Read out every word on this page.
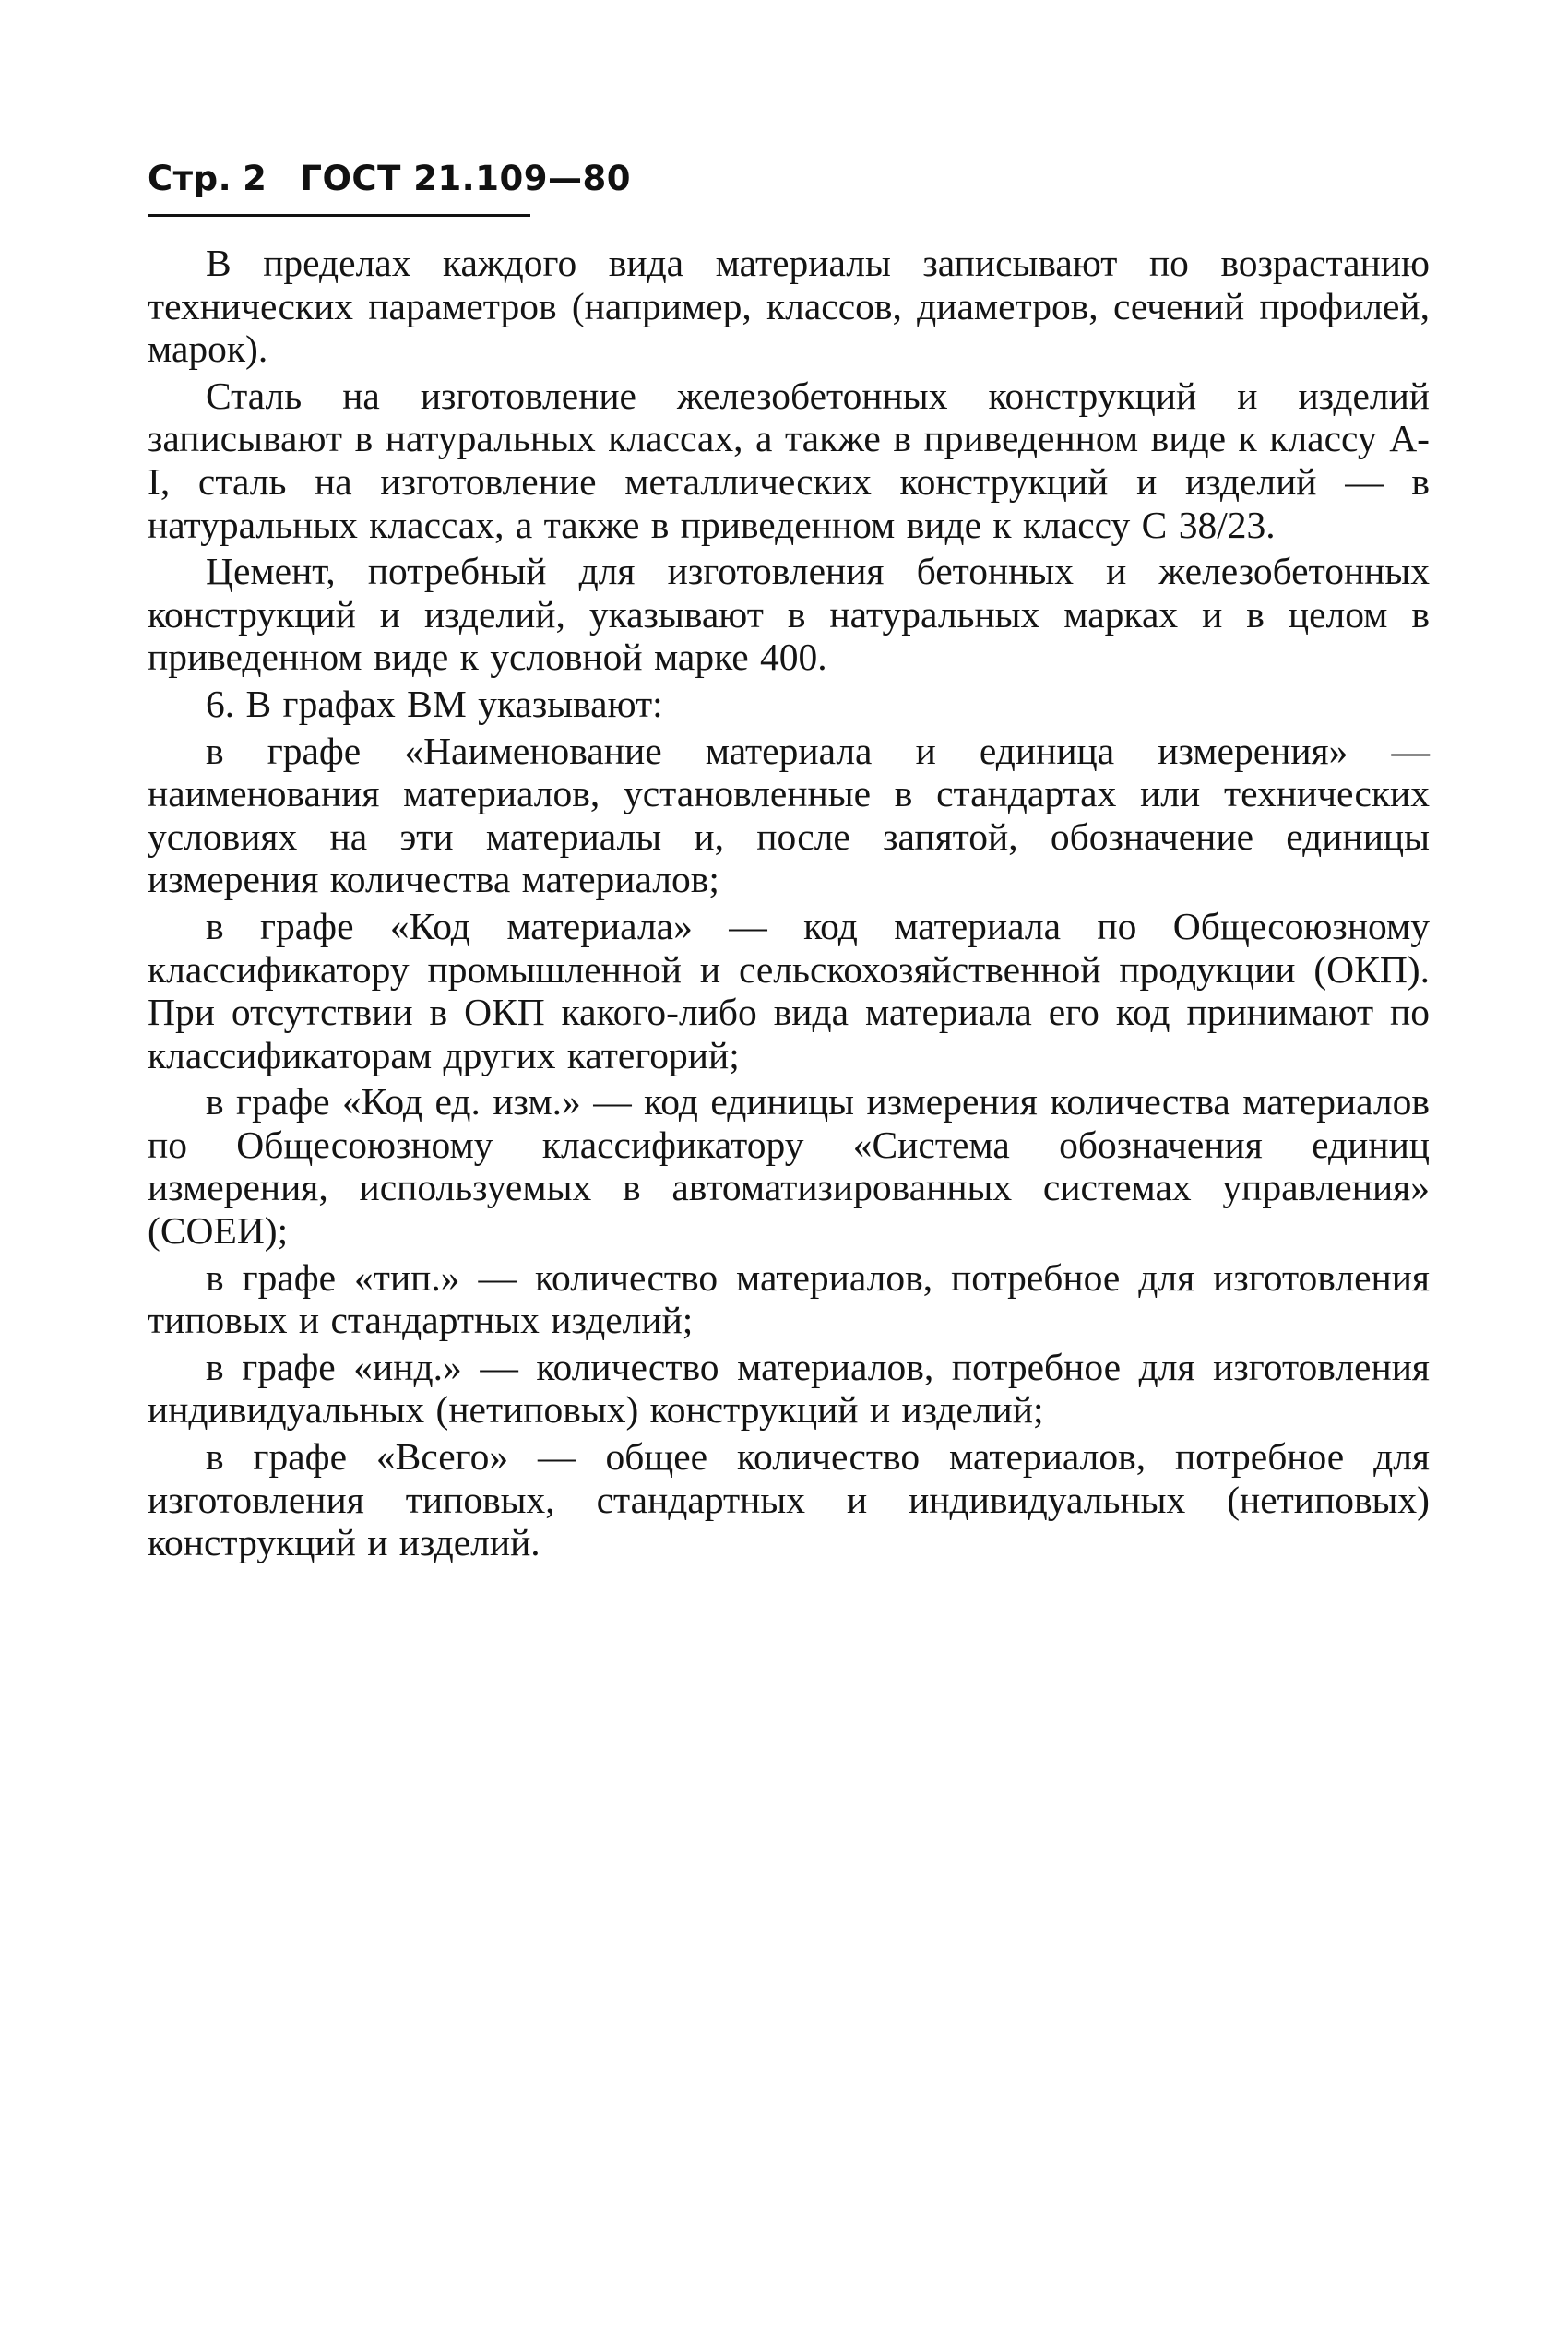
Стр. 2 ГОСТ 21.109—80

В пределах каждого вида материалы записывают по возрастанию технических параметров (например, классов, диаметров, сечений профилей, марок).

Сталь на изготовление железобетонных конструкций и изделий записывают в натуральных классах, а также в приведенном виде к классу A-I, сталь на изготовление металлических конструкций и изделий — в натуральных классах, а также в приведенном виде к классу С 38/23.

Цемент, потребный для изготовления бетонных и железобетонных конструкций и изделий, указывают в натуральных марках и в целом в приведенном виде к условной марке 400.

6. В графах ВМ указывают:

в графе «Наименование материала и единица измерения» — наименования материалов, установленные в стандартах или технических условиях на эти материалы и, после запятой, обозначение единицы измерения количества материалов;

в графе «Код материала» — код материала по Общесоюзному классификатору промышленной и сельскохозяйственной продукции (ОКП). При отсутствии в ОКП какого-либо вида материала его код принимают по классификаторам других категорий;

в графе «Код ед. изм.» — код единицы измерения количества материалов по Общесоюзному классификатору «Система обозначения единиц измерения, используемых в автоматизированных системах управления» (СОЕИ);

в графе «тип.» — количество материалов, потребное для изготовления типовых и стандартных изделий;

в графе «инд.» — количество материалов, потребное для изготовления индивидуальных (нетиповых) конструкций и изделий;

в графе «Всего» — общее количество материалов, потребное для изготовления типовых, стандартных и индивидуальных (нетиповых) конструкций и изделий.
